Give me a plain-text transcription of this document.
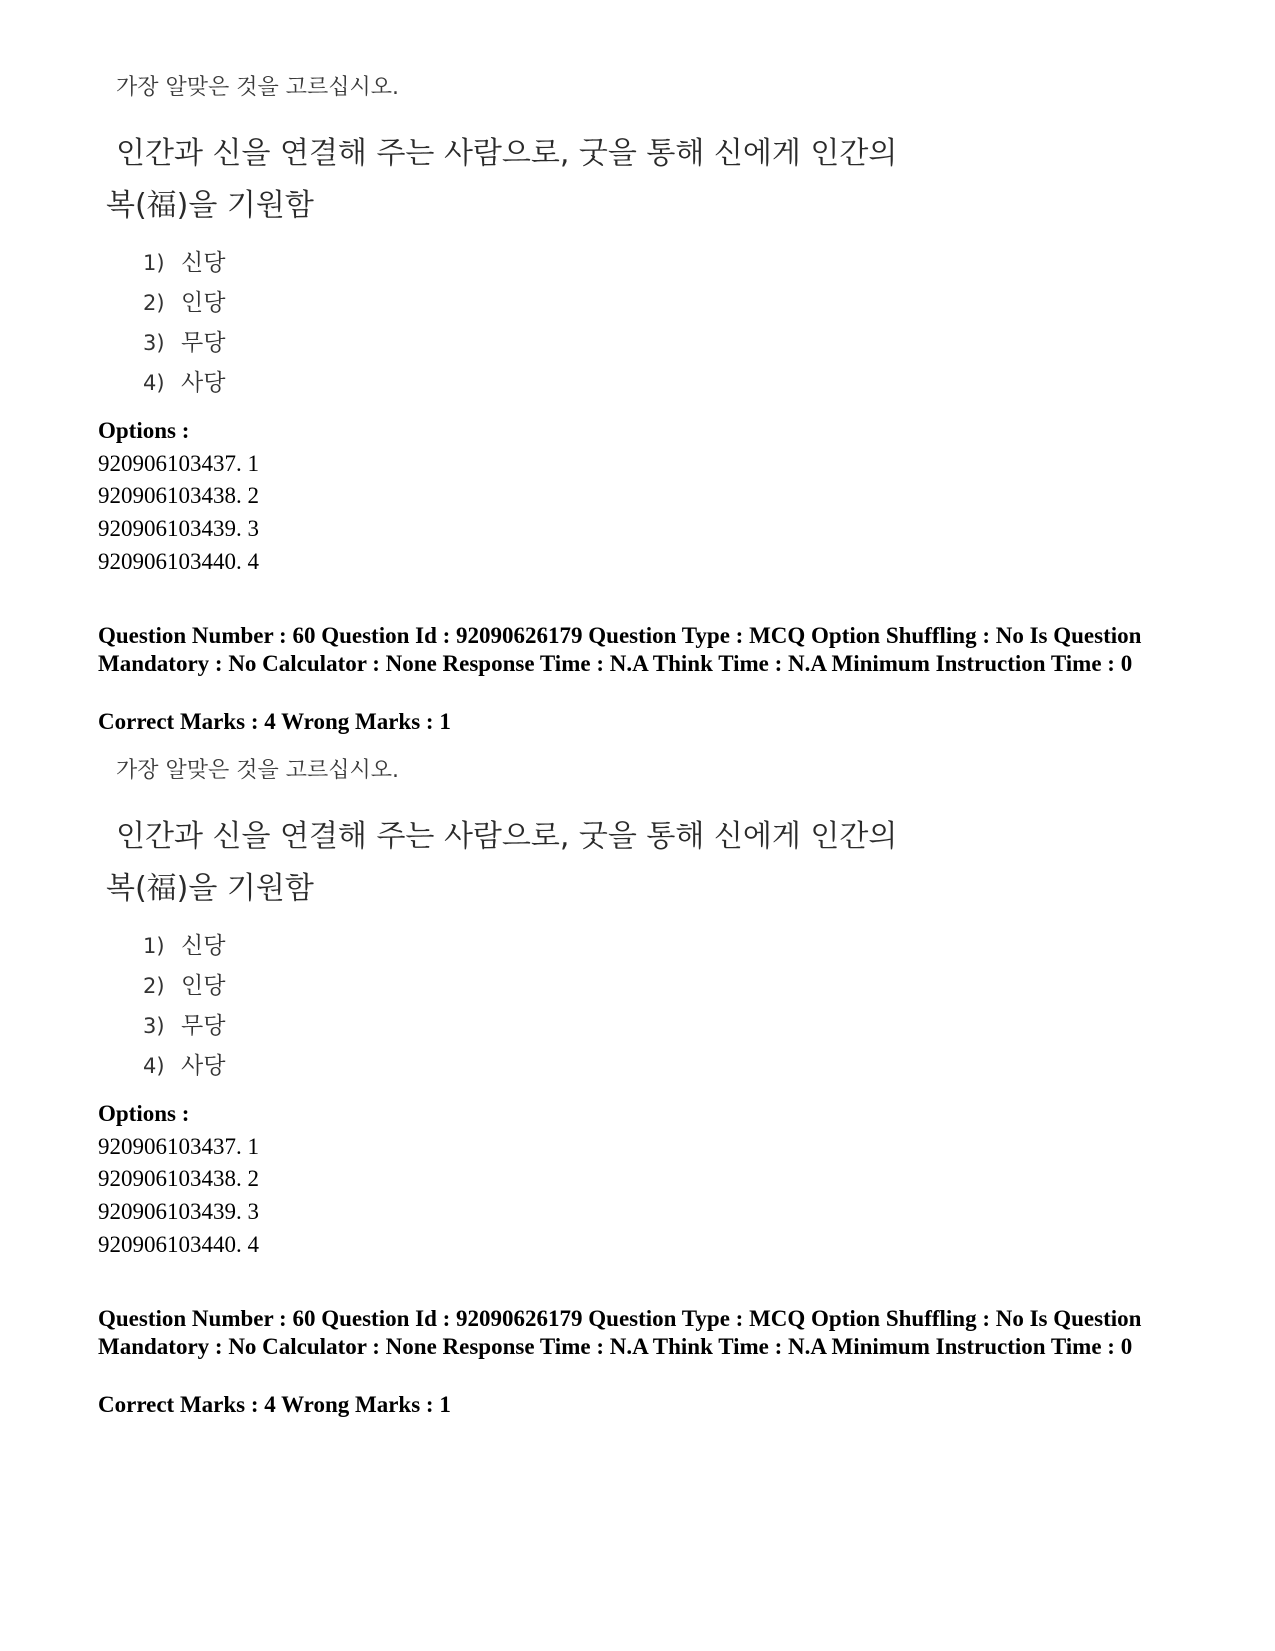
가장 알맞은 것을 고르십시오.
인간과 신을 연결해 주는 사람으로, 굿을 통해 신에게 인간의
복(福)을 기원함
1) 신당
2) 인당
3) 무당
4) 사당
Options :
920906103437. 1
920906103438. 2
920906103439. 3
920906103440. 4
Question Number : 60 Question Id : 92090626179 Question Type : MCQ Option Shuffling : No Is Question Mandatory : No Calculator : None Response Time : N.A Think Time : N.A Minimum Instruction Time : 0
Correct Marks : 4 Wrong Marks : 1
가장 알맞은 것을 고르십시오.
인간과 신을 연결해 주는 사람으로, 굿을 통해 신에게 인간의
복(福)을 기원함
1) 신당
2) 인당
3) 무당
4) 사당
Options :
920906103437. 1
920906103438. 2
920906103439. 3
920906103440. 4
Question Number : 60 Question Id : 92090626179 Question Type : MCQ Option Shuffling : No Is Question Mandatory : No Calculator : None Response Time : N.A Think Time : N.A Minimum Instruction Time : 0
Correct Marks : 4 Wrong Marks : 1
